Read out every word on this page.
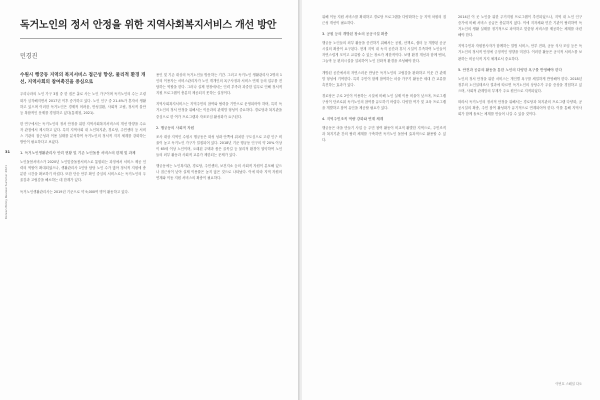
31
Korean Policy Review Summer 2021
독거노인의 정서 안정을 위한 지역사회복지서비스 개선 방안
민경진

수원시 행궁동 지역의 복지서비스 접근성 향상, 물리적 환경 개선, 지역사회의 참여촉진을 중심으로

우리나라의 노인 가구 3집 중 한 집은 홀로 사는 노인 가구이며 독거노인의 수는 고령화가 심각해지면서 2017년 이후 증가하고 있다. 노인 인구 중 21.4%가 혼자서 생활하고 있으며 이러한 독거노인은 경제적 어려움, 만성질환, 사회적 고립, 정서적 불안 등 복합적인 문제를 경험하고 있다(통계청, 2021).

한 연구에서는 독거노인의 정서 안정을 위한 지역사회복지서비스의 개선 방향을 수요자 관점에서 제시하고 있다. 특히 지역사회 내 노인복지관, 경로당, 주민센터 등 서비스 기관의 접근성과 이용 실태를 분석하여 독거노인의 정서적 지지 체계를 강화하는 방안이 필요하다고 보았다.

1. 독거노인생활관리사 인력 현황 및 기존 노인돌봄 서비스의 한계 및 과제

노인돌봄서비스가 2020년 노인맞춤돌봄서비스로 통합되는 과정에서 서비스 제공 인력의 역할이 확대되었으나, 생활관리사 1인당 담당 노인 수가 많아 정서적 지원에 충분한 시간을 확보하기 어렵다. 또한 단순 안부 확인 중심의 서비스로는 독거노인의 우울감과 고립감을 해소하는 데 한계가 있다.

독거노인생활관리사는 2019년 기준으로 약 9,000여 명이 활동하고 있다.

용인 및 기존 대상의 독거노인들 방문하는 기간. 그러고 독거노인 생활관리사 2명의 1인의 이용자는 서비스관리자가 노인 개개인의 욕구사정과 서비스 연계 등의 업무를 전담하는 역할을 한다. 그러나 실제 현장에서는 인력 부족과 과중한 업무로 인해 정서적 지원 프로그램이 충분히 제공되지 못하는 실정이다.

지역사회복지서비스는 지역주민의 참여와 협력을 기반으로 운영되어야 하며, 특히 독거노인의 정서 안정을 위해서는 이웃과의 관계망 형성이 중요하다. 경로당과 복지관을 중심으로 한 여가 프로그램과 자조모임 활성화가 요구된다.

2. 행궁동의 사회적 자원

조사 대상 지역인 수원시 행궁동은 화성 성곽 안쪽에 위치한 구도심으로 고령 인구 비율이 높고 독거노인 가구가 밀집되어 있다. 2018년 기준 행궁동 인구의 약 20% 이상이 65세 이상 노인이며, 오래된 주택과 좁은 골목길 등 물리적 환경이 열악하여 노인들의 외부 활동과 사회적 교류가 제한되는 문제가 있다.

행궁동에는 노인복지관, 경로당, 주민센터, 보건지소 등의 사회적 자원이 분포해 있으나 접근성이 낮아 실제 이용률은 높지 않은 것으로 나타났다. 이에 따라 지역 자원의 연계와 이동 지원 서비스의 확충이 필요하다.

위해 이동 지원 서비스를 확대하고 경로당 프로그램을 다양화하는 등 지역 차원의 접근성 개선이 필요하다.

3. 공원 등의 개방된 장소의 공공시설 확충

행궁동 노인들의 외부 활동을 증진하기 위해서는 공원, 산책로, 쉼터 등 개방된 공공시설의 확충이 요구된다. 현재 지역 내 녹지 공간과 휴식 시설이 부족하여 노인들이 자연스럽게 모이고 교류할 수 있는 장소가 제한적이다. 보행 환경 개선과 함께 벤치, 그늘막 등 편의시설을 설치하여 노인 친화적 환경을 조성해야 한다.

개방된 공간에서의 자연스러운 만남은 독거노인의 고립감을 완화하고 이웃 간 관계망 형성에 기여한다. 특히 주민이 함께 참여하는 마을 가꾸기 활동은 세대 간 교류를 촉진하는 효과가 있다.

경로당은 주로 2인이 이용하는 시설에 비해 노인 실제 이용 비율이 낮으며, 프로그램 구성이 단조로워 독거노인의 참여를 유도하기 어렵다. 다양한 여가 및 교육 프로그램을 개발하고 참여 유인을 제공할 필요가 있다.

4. 지역주민조직 역량 강화와 연계 체계

행궁동은 마을 만들기 사업 등 주민 참여 활동이 비교적 활발한 지역으로, 주민조직과 복지기관 간의 협력 체계를 구축하면 독거노인 돌봄에 효과적으로 활용할 수 있다.

2014년 이 곳 노인을 위한 주거지원 프로그램이 추진되었으나, 지역 내 노인 인구 증가에 비해 서비스 공급은 충분하지 않다. 이에 지자체와 민간 기관이 협력하여 독거노인의 생활 실태를 정기적으로 파악하고 맞춤형 서비스를 제공하는 체계를 마련해야 한다.

지역주민과 자원봉사자가 함께하는 말벗 서비스, 안부 전화, 공동 식사 모임 등은 독거노인의 정서적 안정에 긍정적인 영향을 미친다. 이러한 활동은 공식적 서비스를 보완하는 비공식적 지지 체계로서 중요하다.

5. 안전과 공유의 활동을 통한 노인의 다양한 욕구를 반영해야 한다

노인의 정서 안정을 위한 서비스는 개인별 욕구를 세밀하게 반영해야 한다. 2018년 정부의 노인실태조사 결과에 따르면 독거노인의 상당수가 우울 증상을 경험하고 있으며, 사회적 관계망의 부재가 주요 원인으로 지적되었다.

따라서 독거노인의 정서적 안정을 위해서는 경로당과 복지관의 프로그램 다양화, 공공시설의 확충, 주민 참여 활성화가 유기적으로 연계되어야 한다. 이를 통해 지역사회가 함께 돌보는 체계를 만들어 나갈 수 있을 것이다.

이번호 스페셜 다오
